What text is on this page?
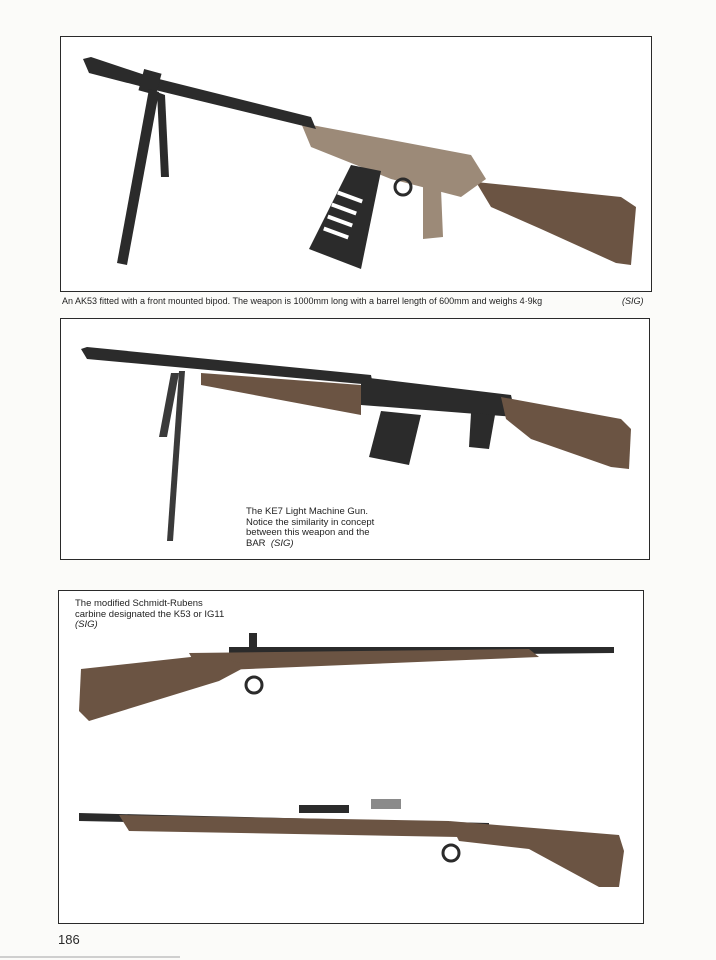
An AK53 fitted with a front mounted bipod. The weapon is 1000mm long with a barrel length of 600mm and weighs 4·9kg	(SIG)
The KE7 Light Machine Gun.
Notice the similarity in concept
between this weapon and the
BAR (SIG)
The modified Schmidt-Rubens
carbine designated the K53 or IG11
(SIG)
186
